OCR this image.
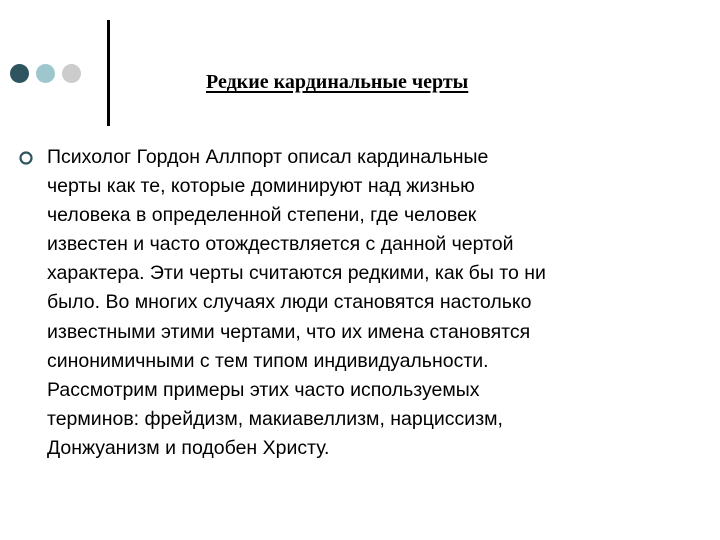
Редкие кардинальные черты

Психолог Гордон Аллпорт описал кардинальные
черты как те, которые доминируют над жизнью
человека в определенной степени, где человек
известен и часто отождествляется с данной чертой
характера. Эти черты считаются редкими, как бы то ни
было. Во многих случаях люди становятся настолько
известными этими чертами, что их имена становятся
синонимичными с тем типом индивидуальности.
Рассмотрим примеры этих часто используемых
терминов: фрейдизм, макиавеллизм, нарциссизм,
Донжуанизм и подобен Христу.
